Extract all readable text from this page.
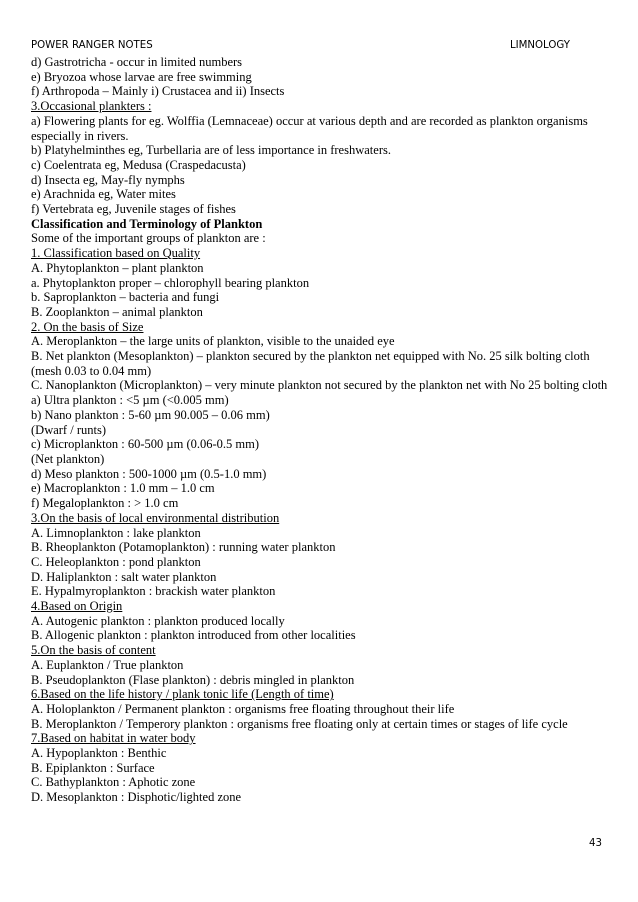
POWER RANGER NOTES	LIMNOLOGY
d) Gastrotricha - occur in limited numbers
e) Bryozoa whose larvae are free swimming
f) Arthropoda – Mainly i) Crustacea and ii) Insects
3.Occasional plankters :
a) Flowering plants for eg. Wolffia (Lemnaceae) occur at various depth and are recorded as plankton organisms especially in rivers.
b) Platyhelminthes eg, Turbellaria are of less importance in freshwaters.
c) Coelentrata eg, Medusa (Craspedacusta)
d) Insecta eg, May-fly nymphs
e) Arachnida eg, Water mites
f) Vertebrata eg, Juvenile stages of fishes
Classification and Terminology of Plankton
Some of the important groups of plankton are :
1. Classification based on Quality
A. Phytoplankton – plant plankton
a. Phytoplankton proper – chlorophyll bearing plankton
b. Saproplankton – bacteria and fungi
B. Zooplankton – animal plankton
2. On the basis of Size
A. Meroplankton – the large units of plankton, visible to the unaided eye
B. Net plankton (Mesoplankton) – plankton secured by the plankton net equipped with No. 25 silk bolting cloth (mesh 0.03 to 0.04 mm)
C. Nanoplankton (Microplankton) – very minute plankton not secured by the plankton net with No 25 bolting cloth
a) Ultra plankton : <5 µm (<0.005 mm)
b) Nano plankton : 5-60 µm 90.005 – 0.06 mm)
(Dwarf / runts)
c) Microplankton : 60-500 µm (0.06-0.5 mm)
(Net plankton)
d) Meso plankton : 500-1000 µm (0.5-1.0 mm)
e) Macroplankton : 1.0 mm – 1.0 cm
f) Megaloplankton : > 1.0 cm
3.On the basis of local environmental distribution
A. Limnoplankton : lake plankton
B. Rheoplankton (Potamoplankton) : running water plankton
C. Heleoplankton : pond plankton
D. Haliplankton : salt water plankton
E. Hypalmyroplankton : brackish water plankton
4.Based on Origin
A. Autogenic plankton : plankton produced locally
B. Allogenic plankton : plankton introduced from other localities
5.On the basis of content
A. Euplankton / True plankton
B. Pseudoplankton (Flase plankton) : debris mingled in plankton
6.Based on the life history / plank tonic life (Length of time)
A. Holoplankton / Permanent plankton : organisms free floating throughout their life
B. Meroplankton / Temperory plankton : organisms free floating only at certain times or stages of life cycle
7.Based on habitat in water body
A. Hypoplankton : Benthic
B. Epiplankton : Surface
C. Bathyplankton : Aphotic zone
D. Mesoplankton : Disphotic/lighted zone
43
